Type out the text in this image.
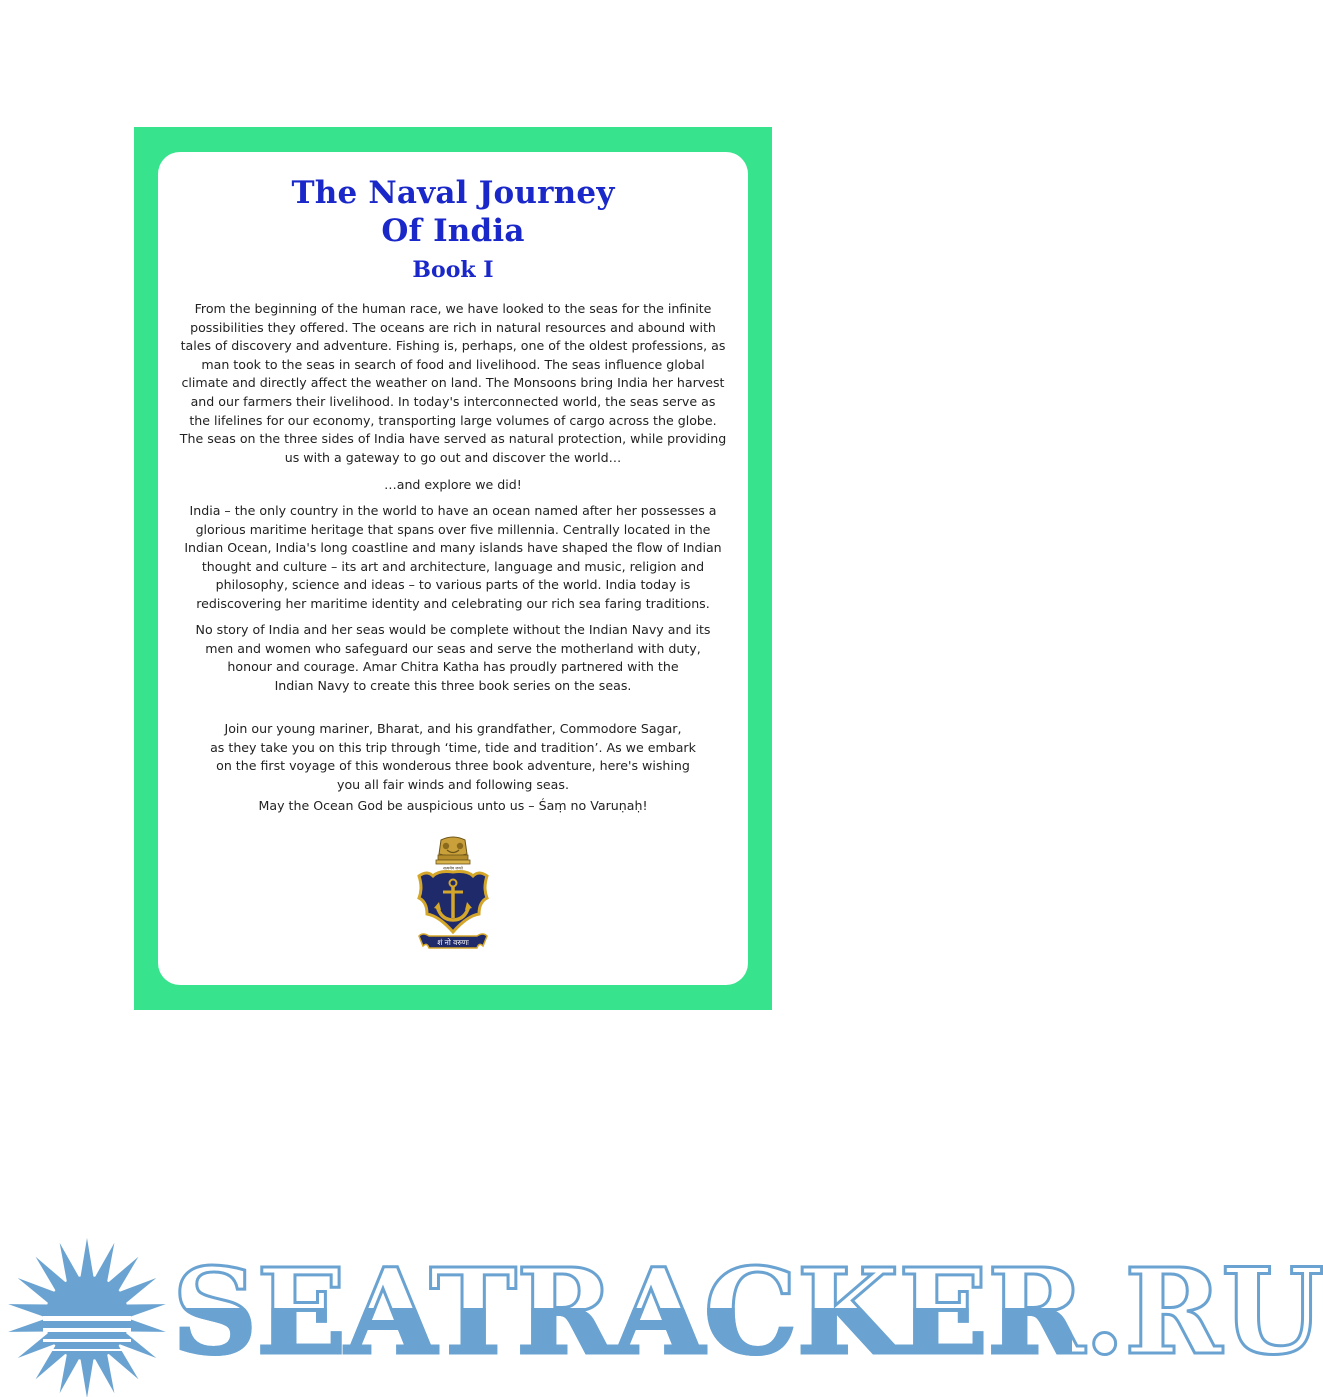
The Naval Journey
Of India
Book I
From the beginning of the human race, we have looked to the seas for the infinite
possibilities they offered. The oceans are rich in natural resources and abound with
tales of discovery and adventure. Fishing is, perhaps, one of the oldest professions, as
man took to the seas in search of food and livelihood. The seas influence global
climate and directly affect the weather on land. The Monsoons bring India her harvest
and our farmers their livelihood. In today's interconnected world, the seas serve as
the lifelines for our economy, transporting large volumes of cargo across the globe.
The seas on the three sides of India have served as natural protection, while providing
us with a gateway to go out and discover the world…
…and explore we did!
India – the only country in the world to have an ocean named after her possesses a
glorious maritime heritage that spans over five millennia. Centrally located in the
Indian Ocean, India's long coastline and many islands have shaped the flow of Indian
thought and culture – its art and architecture, language and music, religion and
philosophy, science and ideas – to various parts of the world. India today is
rediscovering her maritime identity and celebrating our rich sea faring traditions.
No story of India and her seas would be complete without the Indian Navy and its
men and women who safeguard our seas and serve the motherland with duty,
honour and courage. Amar Chitra Katha has proudly partnered with the
Indian Navy to create this three book series on the seas.
Join our young mariner, Bharat, and his grandfather, Commodore Sagar,
as they take you on this trip through ‘time, tide and tradition’. As we embark
on the first voyage of this wonderous three book adventure, here's wishing
you all fair winds and following seas.
May the Ocean God be auspicious unto us – Śaṃ no Varuṇaḥ!
सत्यमेव जयते
शं नो वरुणः
SEATRACKER.RU
